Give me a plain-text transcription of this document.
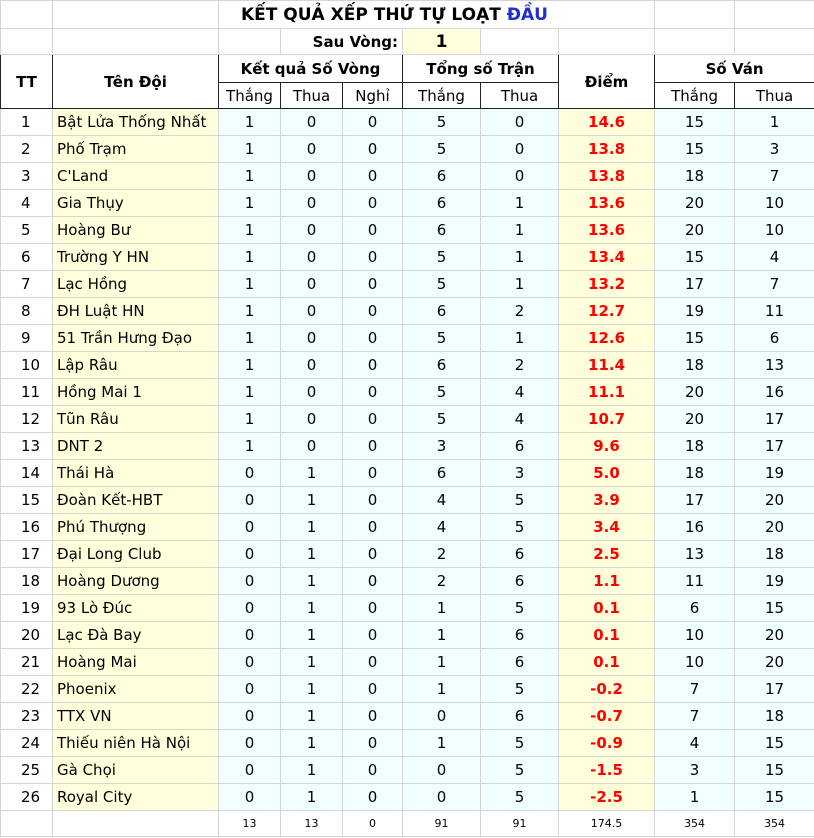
		KẾT QUẢ XẾP THỨ TỰ LOẠT ĐẦU							
			Sau Vòng:		1				
TT	Tên Đội	Kết quả Số Vòng			Tổng số Trận		Điểm	Số Ván	
		Thắng	Thua	Nghỉ	Thắng	Thua		Thắng	Thua
1	Bật Lửa Thống Nhất	1	0	0	5	0	14.6	15	1
2	Phố Trạm	1	0	0	5	0	13.8	15	3
3	C'Land	1	0	0	6	0	13.8	18	7
4	Gia Thụy	1	0	0	6	1	13.6	20	10
5	Hoàng Bư	1	0	0	6	1	13.6	20	10
6	Trường Y HN	1	0	0	5	1	13.4	15	4
7	Lạc Hồng	1	0	0	5	1	13.2	17	7
8	ĐH Luật HN	1	0	0	6	2	12.7	19	11
9	51 Trần Hưng Đạo	1	0	0	5	1	12.6	15	6
10	Lập Râu	1	0	0	6	2	11.4	18	13
11	Hồng Mai 1	1	0	0	5	4	11.1	20	16
12	Tũn Râu	1	0	0	5	4	10.7	20	17
13	DNT 2	1	0	0	3	6	9.6	18	17
14	Thái Hà	0	1	0	6	3	5.0	18	19
15	Đoàn Kết-HBT	0	1	0	4	5	3.9	17	20
16	Phú Thượng	0	1	0	4	5	3.4	16	20
17	Đại Long Club	0	1	0	2	6	2.5	13	18
18	Hoàng Dương	0	1	0	2	6	1.1	11	19
19	93 Lò Đúc	0	1	0	1	5	0.1	6	15
20	Lạc Đà Bay	0	1	0	1	6	0.1	10	20
21	Hoàng Mai	0	1	0	1	6	0.1	10	20
22	Phoenix	0	1	0	1	5	-0.2	7	17
23	TTX VN	0	1	0	0	6	-0.7	7	18
24	Thiếu niên Hà Nội	0	1	0	1	5	-0.9	4	15
25	Gà Chọi	0	1	0	0	5	-1.5	3	15
26	Royal City	0	1	0	0	5	-2.5	1	15
		13	13	0	91	91	174.5	354	354
